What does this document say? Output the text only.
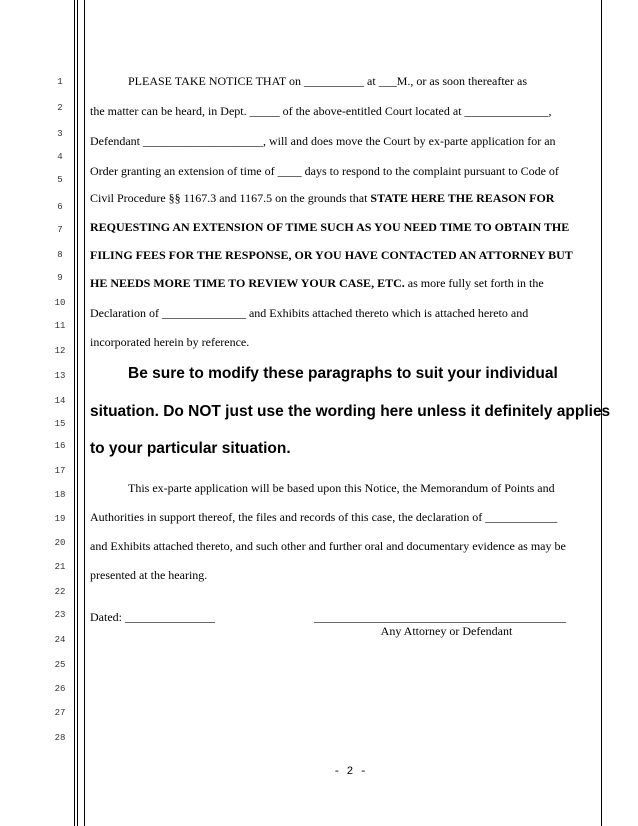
1
2
3
4
5
6
7
8
9
10
11
12
13
14
15
16
17
18
19
20
21
22
23
24
25
26
27
28
PLEASE TAKE NOTICE THAT on __________ at ___M., or as soon thereafter as
the matter can be heard, in Dept. _____ of the above-entitled Court located at ______________,
Defendant ____________________, will and does move the Court by ex-parte application for an
Order granting an extension of time of ____ days to respond to the complaint pursuant to Code of
Civil Procedure §§ 1167.3 and 1167.5 on the grounds that STATE HERE THE REASON FOR
REQUESTING AN EXTENSION OF TIME SUCH AS YOU NEED TIME TO OBTAIN THE
FILING FEES FOR THE RESPONSE, OR YOU HAVE CONTACTED AN ATTORNEY BUT
HE NEEDS MORE TIME TO REVIEW YOUR CASE, ETC. as more fully set forth in the
Declaration of ______________ and Exhibits attached thereto which is attached hereto and
incorporated herein by reference.
Be sure to modify these paragraphs to suit your individual
situation. Do NOT just use the wording here unless it definitely applies
to your particular situation.
This ex-parte application will be based upon this Notice, the Memorandum of Points and
Authorities in support thereof, the files and records of this case, the declaration of ____________
and Exhibits attached thereto, and such other and further oral and documentary evidence as may be
presented at the hearing.
Dated: _______________	__________________________________________
Any Attorney or Defendant
- 2 -
